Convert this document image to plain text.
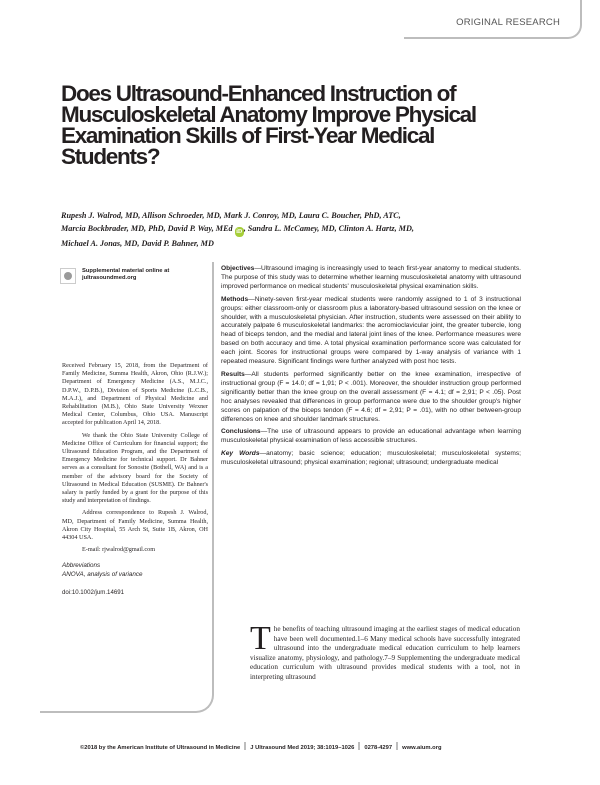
ORIGINAL RESEARCH
Does Ultrasound-Enhanced Instruction of Musculoskeletal Anatomy Improve Physical Examination Skills of First-Year Medical Students?
Rupesh J. Walrod, MD, Allison Schroeder, MD, Mark J. Conroy, MD, Laura C. Boucher, PhD, ATC,
Marcia Bockbrader, MD, PhD, David P. Way, MEd iD , Sandra L. McCamey, MD, Clinton A. Hartz, MD,
Michael A. Jonas, MD, David P. Bahner, MD
Supplemental material online at
jultrasoundmed.org

Received February 15, 2018, from the Department of Family Medicine, Summa Health, Akron, Ohio (R.J.W.); Department of Emergency Medicine (A.S., M.J.C., D.P.W., D.P.B.), Division of Sports Medicine (L.C.B., M.A.J.), and Department of Physical Medicine and Rehabilitation (M.B.), Ohio State University Wexner Medical Center, Columbus, Ohio USA. Manuscript accepted for publication April 14, 2018.

We thank the Ohio State University College of Medicine Office of Curriculum for financial support; the Ultrasound Education Program, and the Department of Emergency Medicine for technical support. Dr Bahner serves as a consultant for Sonosite (Bothell, WA) and is a member of the advisory board for the Society of Ultrasound in Medical Education (SUSME). Dr Bahner's salary is partly funded by a grant for the purpose of this study and interpretation of findings.

Address correspondence to Rupesh J. Walrod, MD, Department of Family Medicine, Summa Health, Akron City Hospital, 55 Arch St, Suite 1B, Akron, OH 44304 USA.

E-mail: rjwalrod@gmail.com

Abbreviations
ANOVA, analysis of variance
doi:10.1002/jum.14691

Objectives—Ultrasound imaging is increasingly used to teach first-year anatomy to medical students. The purpose of this study was to determine whether learning musculoskeletal anatomy with ultrasound improved performance on medical students' musculoskeletal physical examination skills.

Methods—Ninety-seven first-year medical students were randomly assigned to 1 of 3 instructional groups: either classroom-only or classroom plus a laboratory-based ultrasound session on the knee or shoulder, with a musculoskeletal physician. After instruction, students were assessed on their ability to accurately palpate 6 musculoskeletal landmarks: the acromioclavicular joint, the greater tubercle, long head of biceps tendon, and the medial and lateral joint lines of the knee. Performance measures were based on both accuracy and time. A total physical examination performance score was calculated for each joint. Scores for instructional groups were compared by 1-way analysis of variance with 1 repeated measure. Significant findings were further analyzed with post hoc tests.

Results—All students performed significantly better on the knee examination, irrespective of instructional group (F = 14.0; df = 1,91; P < .001). Moreover, the shoulder instruction group performed significantly better than the knee group on the overall assessment (F = 4.1; df = 2,91; P < .05). Post hoc analyses revealed that differences in group performance were due to the shoulder group's higher scores on palpation of the biceps tendon (F = 4.6; df = 2,91; P = .01), with no other between-group differences on knee and shoulder landmark structures.

Conclusions—The use of ultrasound appears to provide an educational advantage when learning musculoskeletal physical examination of less accessible structures.

Key Words—anatomy; basic science; education; musculoskeletal; musculoskeletal systems; musculoskeletal ultrasound; physical examination; regional; ultrasound; undergraduate medical

The benefits of teaching ultrasound imaging at the earliest stages of medical education have been well documented.1–6 Many medical schools have successfully integrated ultrasound into the undergraduate medical education curriculum to help learners visualize anatomy, physiology, and pathology.7–9 Supplementing the undergraduate medical education curriculum with ultrasound provides medical students with a tool, not in interpreting ultrasound
©2018 by the American Institute of Ultrasound in Medicine J Ultrasound Med 2019; 38:1019–1026 0278-4297 www.aium.org
